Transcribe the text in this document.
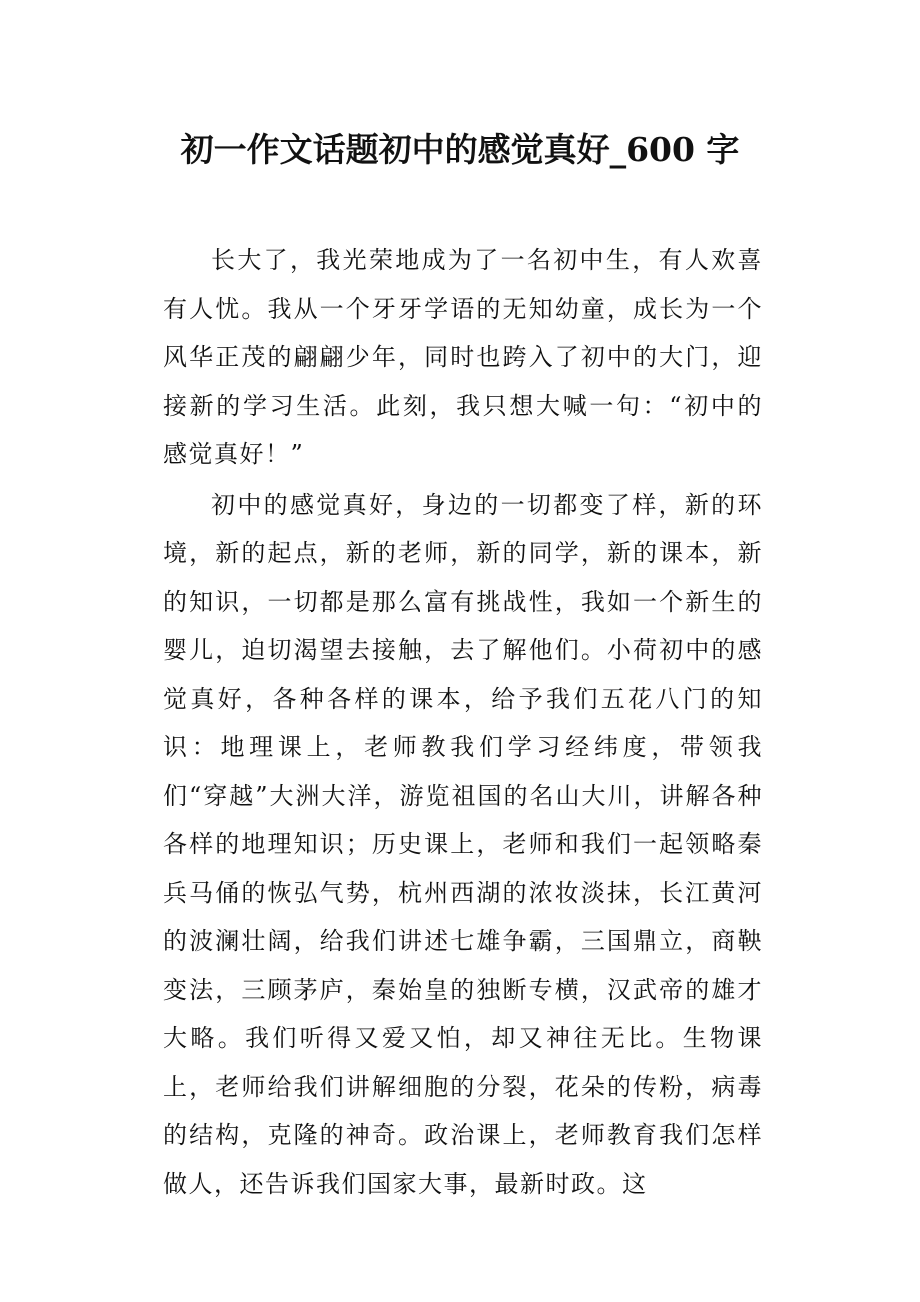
初一作文话题初中的感觉真好_600 字

长大了，我光荣地成为了一名初中生，有人欢喜有人忧。我从一个牙牙学语的无知幼童，成长为一个风华正茂的翩翩少年，同时也跨入了初中的大门，迎接新的学习生活。此刻，我只想大喊一句：“初中的感觉真好！”

初中的感觉真好，身边的一切都变了样，新的环境，新的起点，新的老师，新的同学，新的课本，新的知识，一切都是那么富有挑战性，我如一个新生的婴儿，迫切渴望去接触，去了解他们。小荷初中的感觉真好，各种各样的课本，给予我们五花八门的知识：地理课上，老师教我们学习经纬度，带领我们“穿越”大洲大洋，游览祖国的名山大川，讲解各种各样的地理知识；历史课上，老师和我们一起领略秦兵马俑的恢弘气势，杭州西湖的浓妆淡抹，长江黄河的波澜壮阔，给我们讲述七雄争霸，三国鼎立，商鞅变法，三顾茅庐，秦始皇的独断专横，汉武帝的雄才大略。我们听得又爱又怕，却又神往无比。生物课上，老师给我们讲解细胞的分裂，花朵的传粉，病毒的结构，克隆的神奇。政治课上，老师教育我们怎样做人，还告诉我们国家大事，最新时政。这
